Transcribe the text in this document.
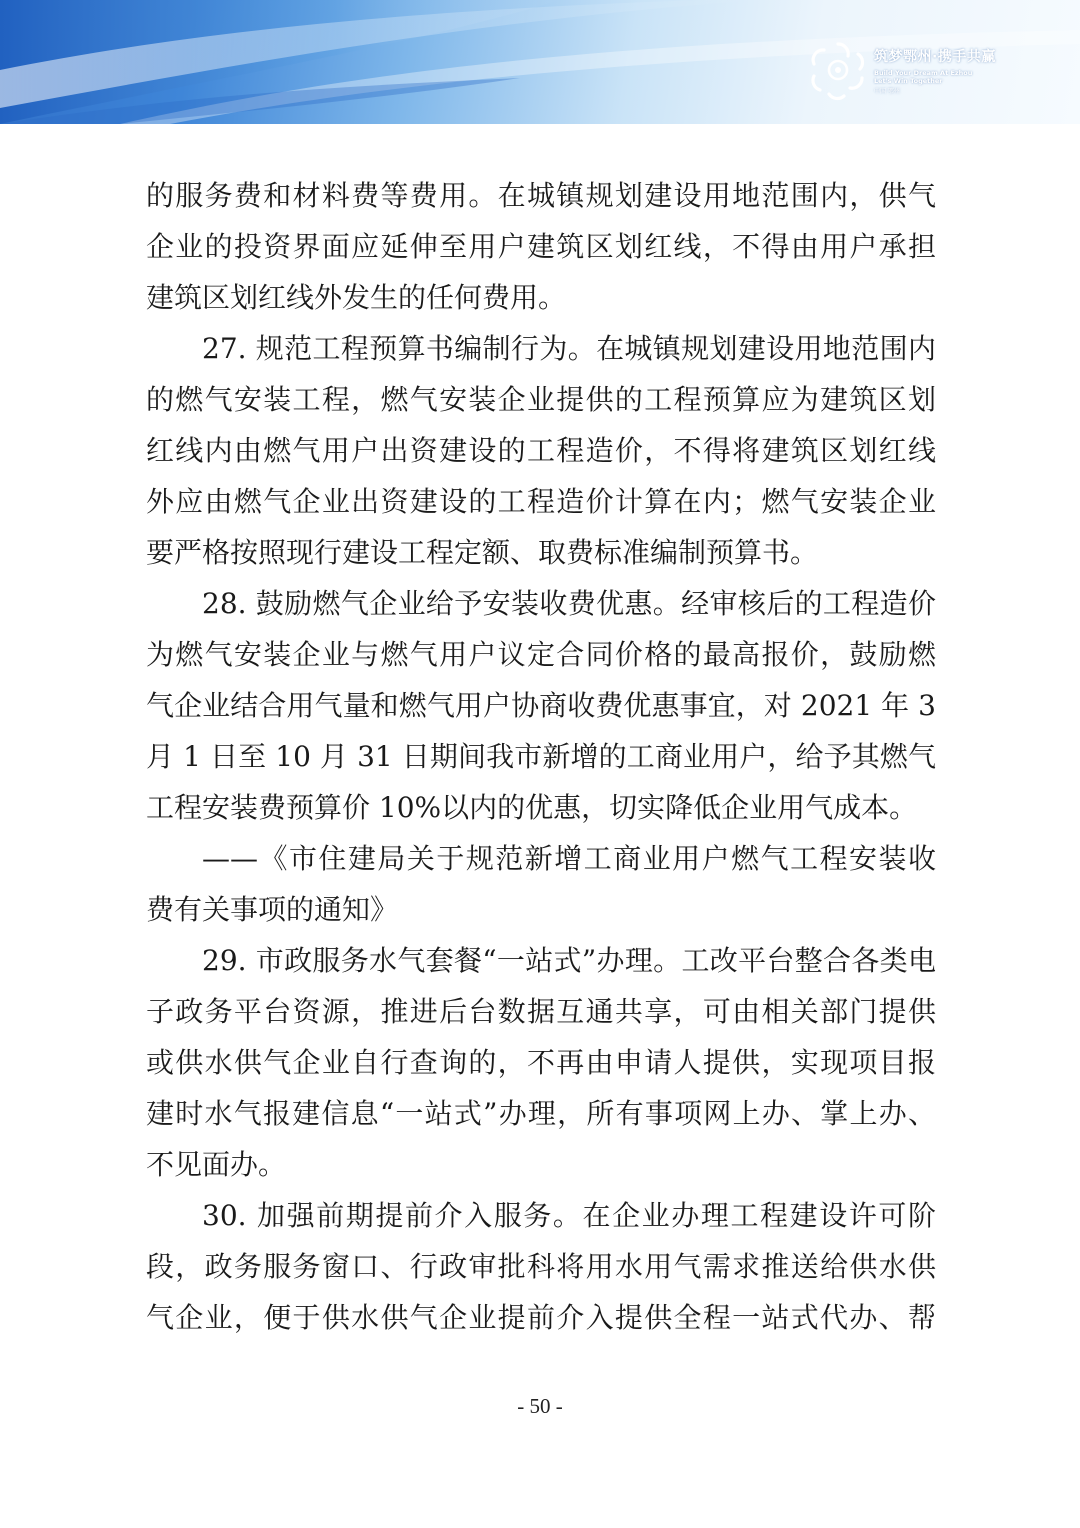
筑梦鄂州·携手共赢
Build Your Dream At Ezhou
Let's Win Together
中国 鄂州
的服务费和材料费等费用。在城镇规划建设用地范围内，供气
企业的投资界面应延伸至用户建筑区划红线，不得由用户承担
建筑区划红线外发生的任何费用。
27. 规范工程预算书编制行为。在城镇规划建设用地范围内
的燃气安装工程，燃气安装企业提供的工程预算应为建筑区划
红线内由燃气用户出资建设的工程造价，不得将建筑区划红线
外应由燃气企业出资建设的工程造价计算在内；燃气安装企业
要严格按照现行建设工程定额、取费标准编制预算书。
28. 鼓励燃气企业给予安装收费优惠。经审核后的工程造价
为燃气安装企业与燃气用户议定合同价格的最高报价，鼓励燃
气企业结合用气量和燃气用户协商收费优惠事宜，对 2021 年 3
月 1 日至 10 月 31 日期间我市新增的工商业用户，给予其燃气
工程安装费预算价 10%以内的优惠，切实降低企业用气成本。
——《市住建局关于规范新增工商业用户燃气工程安装收
费有关事项的通知》
29. 市政服务水气套餐“一站式”办理。工改平台整合各类电
子政务平台资源，推进后台数据互通共享，可由相关部门提供
或供水供气企业自行查询的，不再由申请人提供，实现项目报
建时水气报建信息“一站式”办理，所有事项网上办、掌上办、
不见面办。
30. 加强前期提前介入服务。在企业办理工程建设许可阶
段，政务服务窗口、行政审批科将用水用气需求推送给供水供
气企业，便于供水供气企业提前介入提供全程一站式代办、帮
- 50 -
